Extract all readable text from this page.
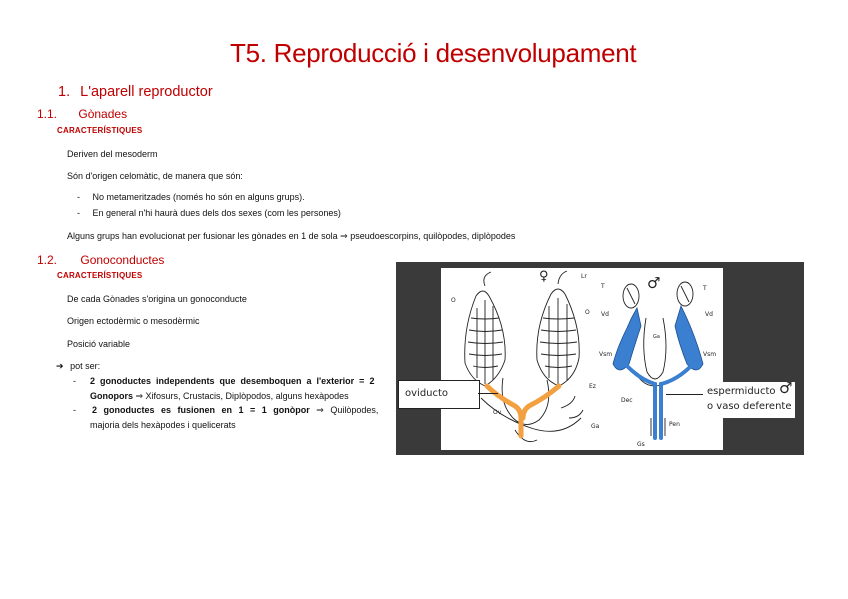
T5. Reproducció i desenvolupament
1. L'aparell reproductor
1.1. Gònades
CARACTERÍSTIQUES
Deriven del mesoderm
Són d'origen celomàtic, de manera que són:
- No metameritzades (només ho són en alguns grups).
- En general n'hi haurà dues dels dos sexes (com les persones)
Alguns grups han evolucionat per fusionar les gònades en 1 de sola ⇒ pseudoescorpins, quilòpodes, diplòpodes
1.2. Gonoconductes
CARACTERÍSTIQUES
De cada Gònades s'origina un gonoconducte
Origen ectodèrmic o mesodèrmic
Posició variable
➔ pot ser:
- 2 gonoductes independents que desemboquen a l'exterior = 2
Gonopors ⇒ Xifosurs, Crustacis, Diplòpodos, alguns hexàpodes
- 2 gonoductes es fusionen en 1 = 1 gonòpor ⇒ Quilòpodes,
majoria dels hexàpodes i quelicerats
♀	Lr
O
O
Ov
Ez
Ga
♂
T	T
Vd	Vd
Vsm	Vsm
Ga
Dec
Pen
Gs
oviducto	espermiducto
o vaso deferente
♂
